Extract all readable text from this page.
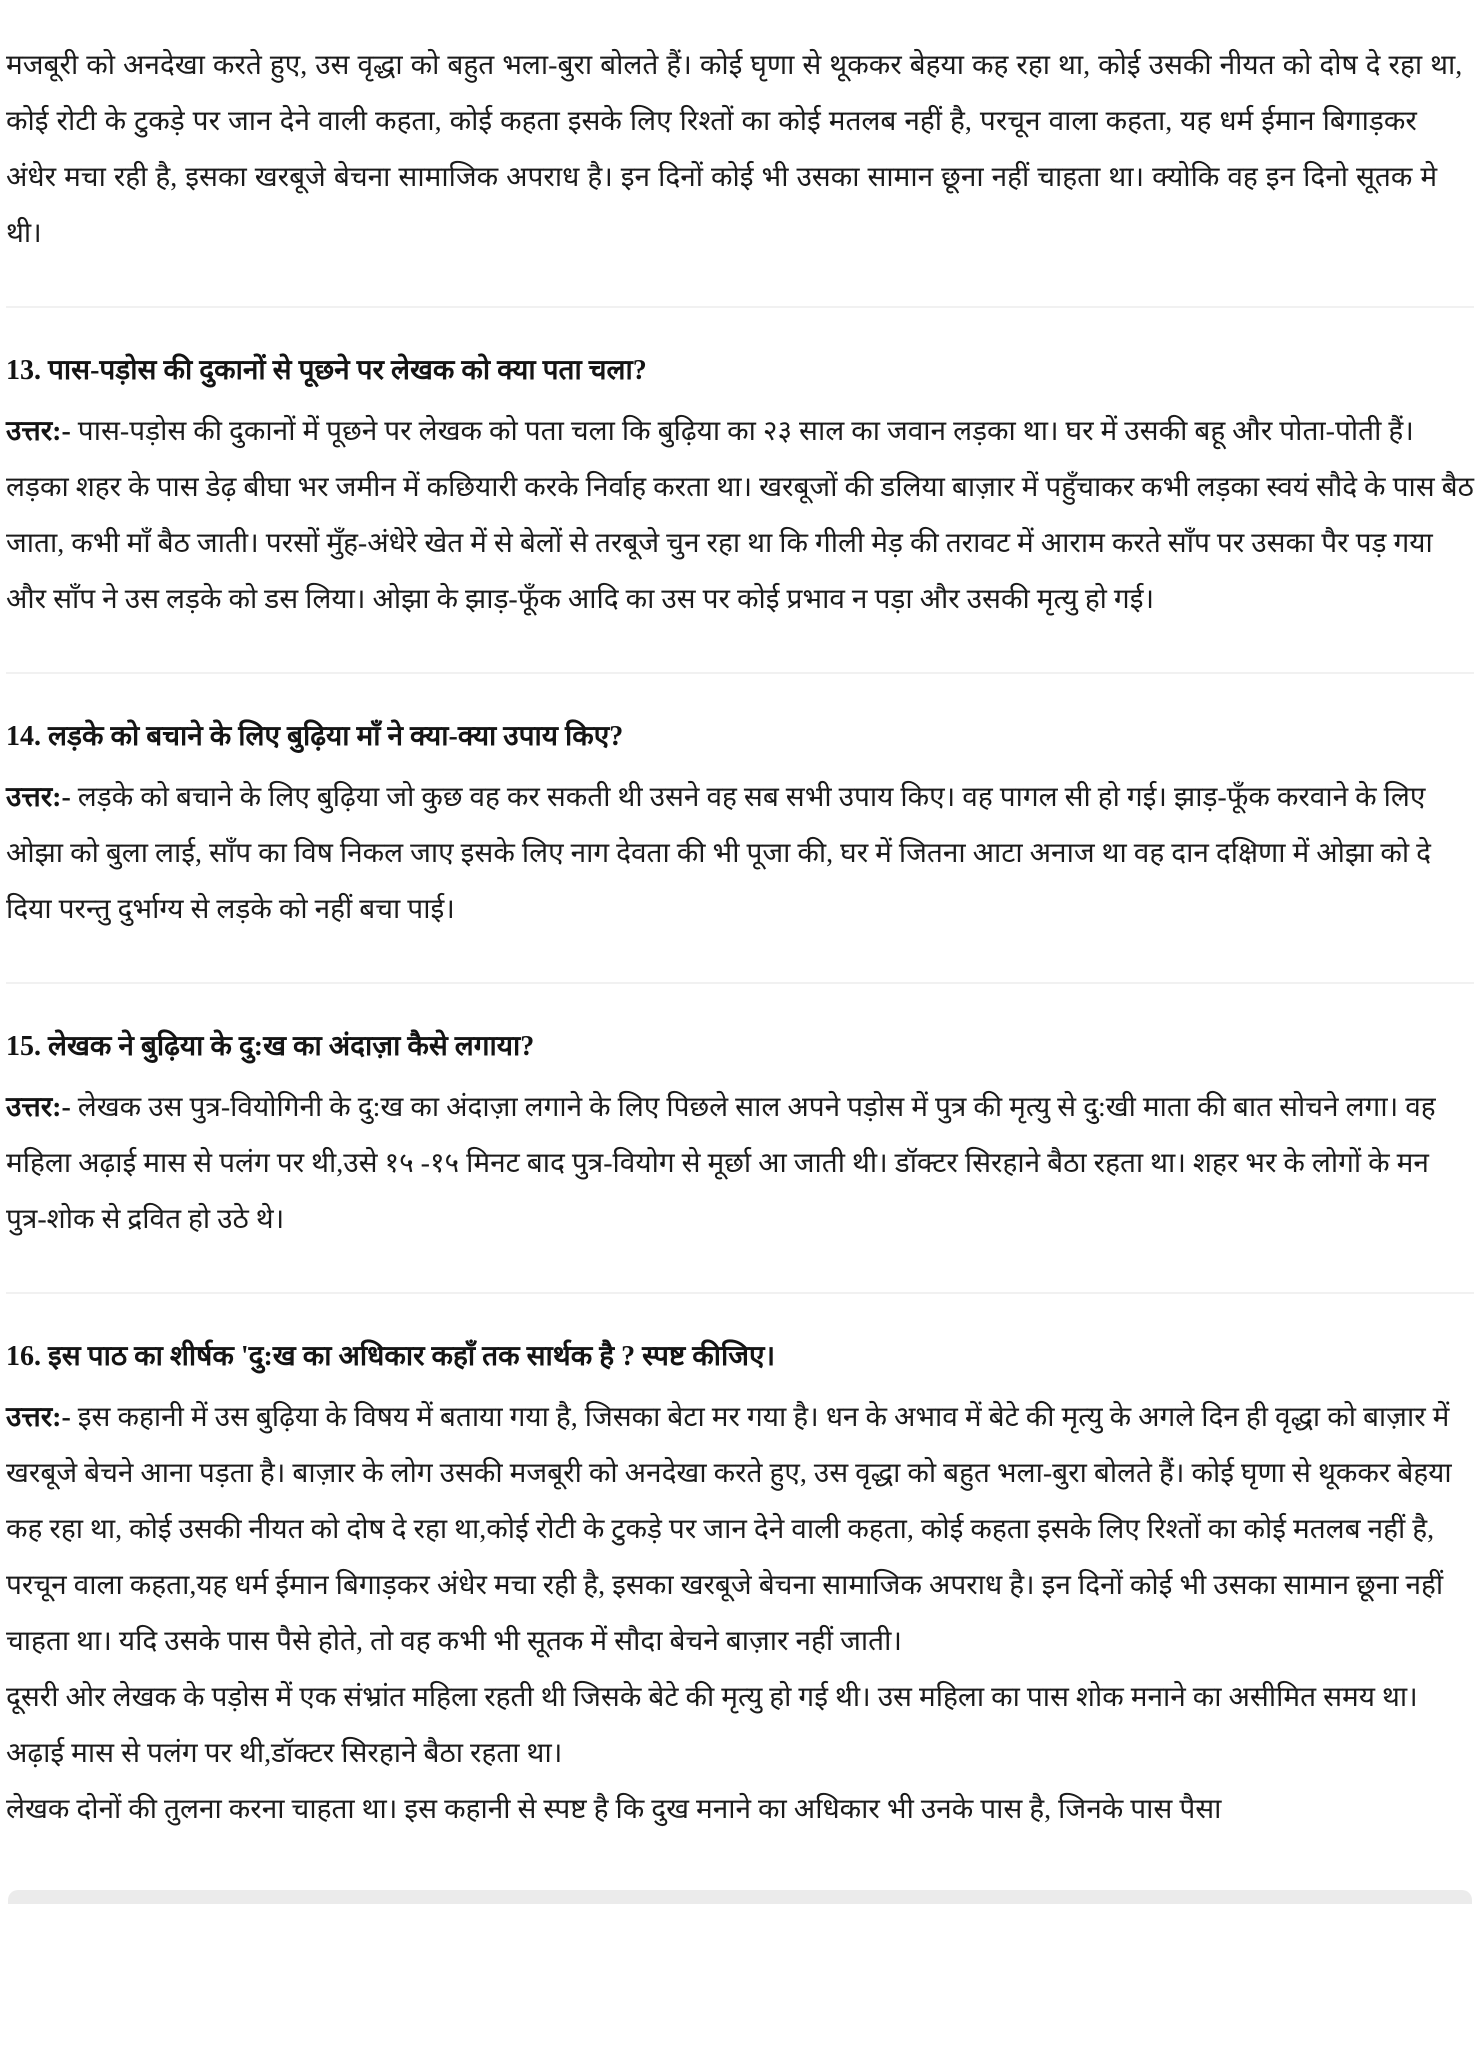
मजबूरी को अनदेखा करते हुए, उस वृद्धा को बहुत भला-बुरा बोलते हैं। कोई घृणा से थूककर बेहया कह रहा था, कोई उसकी नीयत को दोष दे रहा था, कोई रोटी के टुकड़े पर जान देने वाली कहता, कोई कहता इसके लिए रिश्तों का कोई मतलब नहीं है, परचून वाला कहता, यह धर्म ईमान बिगाड़कर अंधेर मचा रही है, इसका खरबूजे बेचना सामाजिक अपराध है। इन दिनों कोई भी उसका सामान छूना नहीं चाहता था। क्योकि वह इन दिनो सूतक मे थी।

13. पास-पड़ोस की दुकानों से पूछने पर लेखक को क्या पता चला?

उत्तर:- पास-पड़ोस की दुकानों में पूछने पर लेखक को पता चला कि बुढ़िया का २३ साल का जवान लड़का था। घर में उसकी बहू और पोता-पोती हैं। लड़का शहर के पास डेढ़ बीघा भर जमीन में कछियारी करके निर्वाह करता था। खरबूजों की डलिया बाज़ार में पहुँचाकर कभी लड़का स्वयं सौदे के पास बैठ जाता, कभी माँ बैठ जाती। परसों मुँह-अंधेरे खेत में से बेलों से तरबूजे चुन रहा था कि गीली मेड़ की तरावट में आराम करते साँप पर उसका पैर पड़ गया और साँप ने उस लड़के को डस लिया। ओझा के झाड़-फूँक आदि का उस पर कोई प्रभाव न पड़ा और उसकी मृत्यु हो गई।

14. लड़के को बचाने के लिए बुढ़िया माँ ने क्या-क्या उपाय किए?

उत्तर:- लड़के को बचाने के लिए बुढ़िया जो कुछ वह कर सकती थी उसने वह सब सभी उपाय किए। वह पागल सी हो गई। झाड़-फूँक करवाने के लिए ओझा को बुला लाई, साँप का विष निकल जाए इसके लिए नाग देवता की भी पूजा की, घर में जितना आटा अनाज था वह दान दक्षिणा में ओझा को दे दिया परन्तु दुर्भाग्य से लड़के को नहीं बचा पाई।

15. लेखक ने बुढ़िया के दु:ख का अंदाज़ा कैसे लगाया?

उत्तर:- लेखक उस पुत्र-वियोगिनी के दु:ख का अंदाज़ा लगाने के लिए पिछले साल अपने पड़ोस में पुत्र की मृत्यु से दु:खी माता की बात सोचने लगा। वह महिला अढ़ाई मास से पलंग पर थी,उसे १५ -१५ मिनट बाद पुत्र-वियोग से मूर्छा आ जाती थी। डॉक्टर सिरहाने बैठा रहता था। शहर भर के लोगों के मन पुत्र-शोक से द्रवित हो उठे थे।

16. इस पाठ का शीर्षक 'दु:ख का अधिकार कहाँ तक सार्थक है ? स्पष्ट कीजिए।

उत्तर:- इस कहानी में उस बुढ़िया के विषय में बताया गया है, जिसका बेटा मर गया है। धन के अभाव में बेटे की मृत्यु के अगले दिन ही वृद्धा को बाज़ार में खरबूजे बेचने आना पड़ता है। बाज़ार के लोग उसकी मजबूरी को अनदेखा करते हुए, उस वृद्धा को बहुत भला-बुरा बोलते हैं। कोई घृणा से थूककर बेहया कह रहा था, कोई उसकी नीयत को दोष दे रहा था,कोई रोटी के टुकड़े पर जान देने वाली कहता, कोई कहता इसके लिए रिश्तों का कोई मतलब नहीं है, परचून वाला कहता,यह धर्म ईमान बिगाड़कर अंधेर मचा रही है, इसका खरबूजे बेचना सामाजिक अपराध है। इन दिनों कोई भी उसका सामान छूना नहीं चाहता था। यदि उसके पास पैसे होते, तो वह कभी भी सूतक में सौदा बेचने बाज़ार नहीं जाती।

दूसरी ओर लेखक के पड़ोस में एक संभ्रांत महिला रहती थी जिसके बेटे की मृत्यु हो गई थी। उस महिला का पास शोक मनाने का असीमित समय था। अढ़ाई मास से पलंग पर थी,डॉक्टर सिरहाने बैठा रहता था।

लेखक दोनों की तुलना करना चाहता था। इस कहानी से स्पष्ट है कि दुख मनाने का अधिकार भी उनके पास है, जिनके पास पैसा
